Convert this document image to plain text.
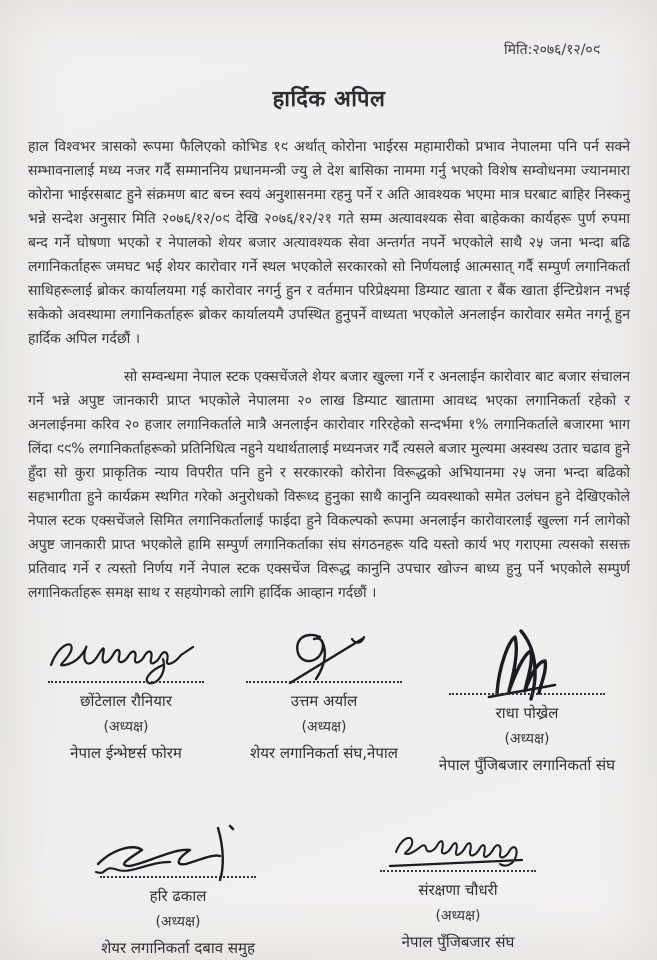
मिति:२०७६/१२/०९
हार्दिक अपिल

हाल विश्वभर त्रासको रूपमा फैलिएको कोभिड १९ अर्थात् कोरोना भाईरस महामारीको प्रभाव नेपालमा पनि पर्न सक्ने सम्भावनालाई मध्य नजर गर्दै सम्माननिय प्रधानमन्त्री ज्यु ले देश बासिका नाममा गर्नु भएको विशेष सम्वोधनमा ज्यानमारा कोरोना भाईरसबाट हुने संक्रमण बाट बच्न स्वयं अनुशासनमा रहनु पर्ने र अति आवश्यक भएमा मात्र घरबाट बाहिर निस्कनु भन्ने सन्देश अनुसार मिति २०७६/१२/०९ देखि २०७६/१२/२१ गते सम्म अत्यावश्यक सेवा बाहेकका कार्यहरू पुर्ण रुपमा बन्द गर्ने घोषणा भएको र नेपालको शेयर बजार अत्यावश्यक सेवा अन्तर्गत नपर्ने भएकोले साथै २५ जना भन्दा बढि लगानिकर्ताहरू जमघट भई शेयर कारोवार गर्ने स्थल भएकोले सरकारको सो निर्णयलाई आत्मसात् गर्दै सम्पुर्ण लगानिकर्ता साथिहरूलाई ब्रोकर कार्यालयमा गई कारोवार नगर्नु हुन र वर्तमान परिप्रेक्ष्यमा डिम्याट खाता र बैंक खाता ईन्टिग्रेशन नभई सकेको अवस्थामा लगानिकर्ताहरू ब्रोकर कार्यालयमै उपस्थित हुनुपर्ने वाध्यता भएकोले अनलाईन कारोवार समेत नगर्नू हुन हार्दिक अपिल गर्दछौं ।

सो सम्वन्धमा नेपाल स्टक एक्सचेंजले शेयर बजार खुल्ला गर्ने र अनलाईन कारोवार बाट बजार संचालन गर्ने भन्ने अपुष्ट जानकारी प्राप्त भएकोले नेपालमा २० लाख डिम्याट खातामा आवध्द भएका लगानिकर्ता रहेको र अनलाईनमा करिव २० हजार लगानिकर्ताले मात्रै अनलाईन कारोवार गरिरहेको सन्दर्भमा १% लगानिकर्ताले बजारमा भाग लिंदा ९९% लगानिकर्ताहरूको प्रतिनिधित्व नहुने यथार्थतालाई मध्यनजर गर्दै त्यसले बजार मुल्यमा अस्वस्थ उतार चढाव हुने हुँदा सो कुरा प्राकृतिक न्याय विपरीत पनि हुने र सरकारको कोरोना विरूद्धको अभियानमा २५ जना भन्दा बढिको सहभागीता हुने कार्यक्रम स्थगित गरेको अनुरोधको विरूध्द हुनुका साथै कानुनि व्यवस्थाको समेत उलंघन हुने देखिएकोले नेपाल स्टक एक्सचेंजले सिमित लगानिकर्तालाई फाईदा हुने विकल्पको रूपमा अनलाईन कारोवारलाई खुल्ला गर्न लागेको अपुष्ट जानकारी प्राप्त भएकोले हामि सम्पुर्ण लगानिकर्ताका संघ संगठनहरू यदि यस्तो कार्य भए गराएमा त्यसको ससक्त प्रतिवाद गर्ने र त्यस्तो निर्णय गर्ने नेपाल स्टक एक्सचेंज विरूद्ध कानुनि उपचार खोज्न बाध्य हुनु पर्ने भएकोले सम्पुर्ण लगानिकर्ताहरू समक्ष साथ र सहयोगको लागि हार्दिक आव्हान गर्दछौं ।

छोंटेलाल रौनियार
(अध्यक्ष)
नेपाल ईन्भेष्टर्स फोरम
उत्तम अर्याल
(अध्यक्ष)
शेयर लगानिकर्ता संघ,नेपाल
राधा पोख्रेल
(अध्यक्ष)
नेपाल पुँजिबजार लगानिकर्ता संघ
हरि ढकाल
(अध्यक्ष)
शेयर लगानिकर्ता दबाव समुह
संरक्षणा चौधरी
(अध्यक्ष)
नेपाल पुँजिबजार संघ
